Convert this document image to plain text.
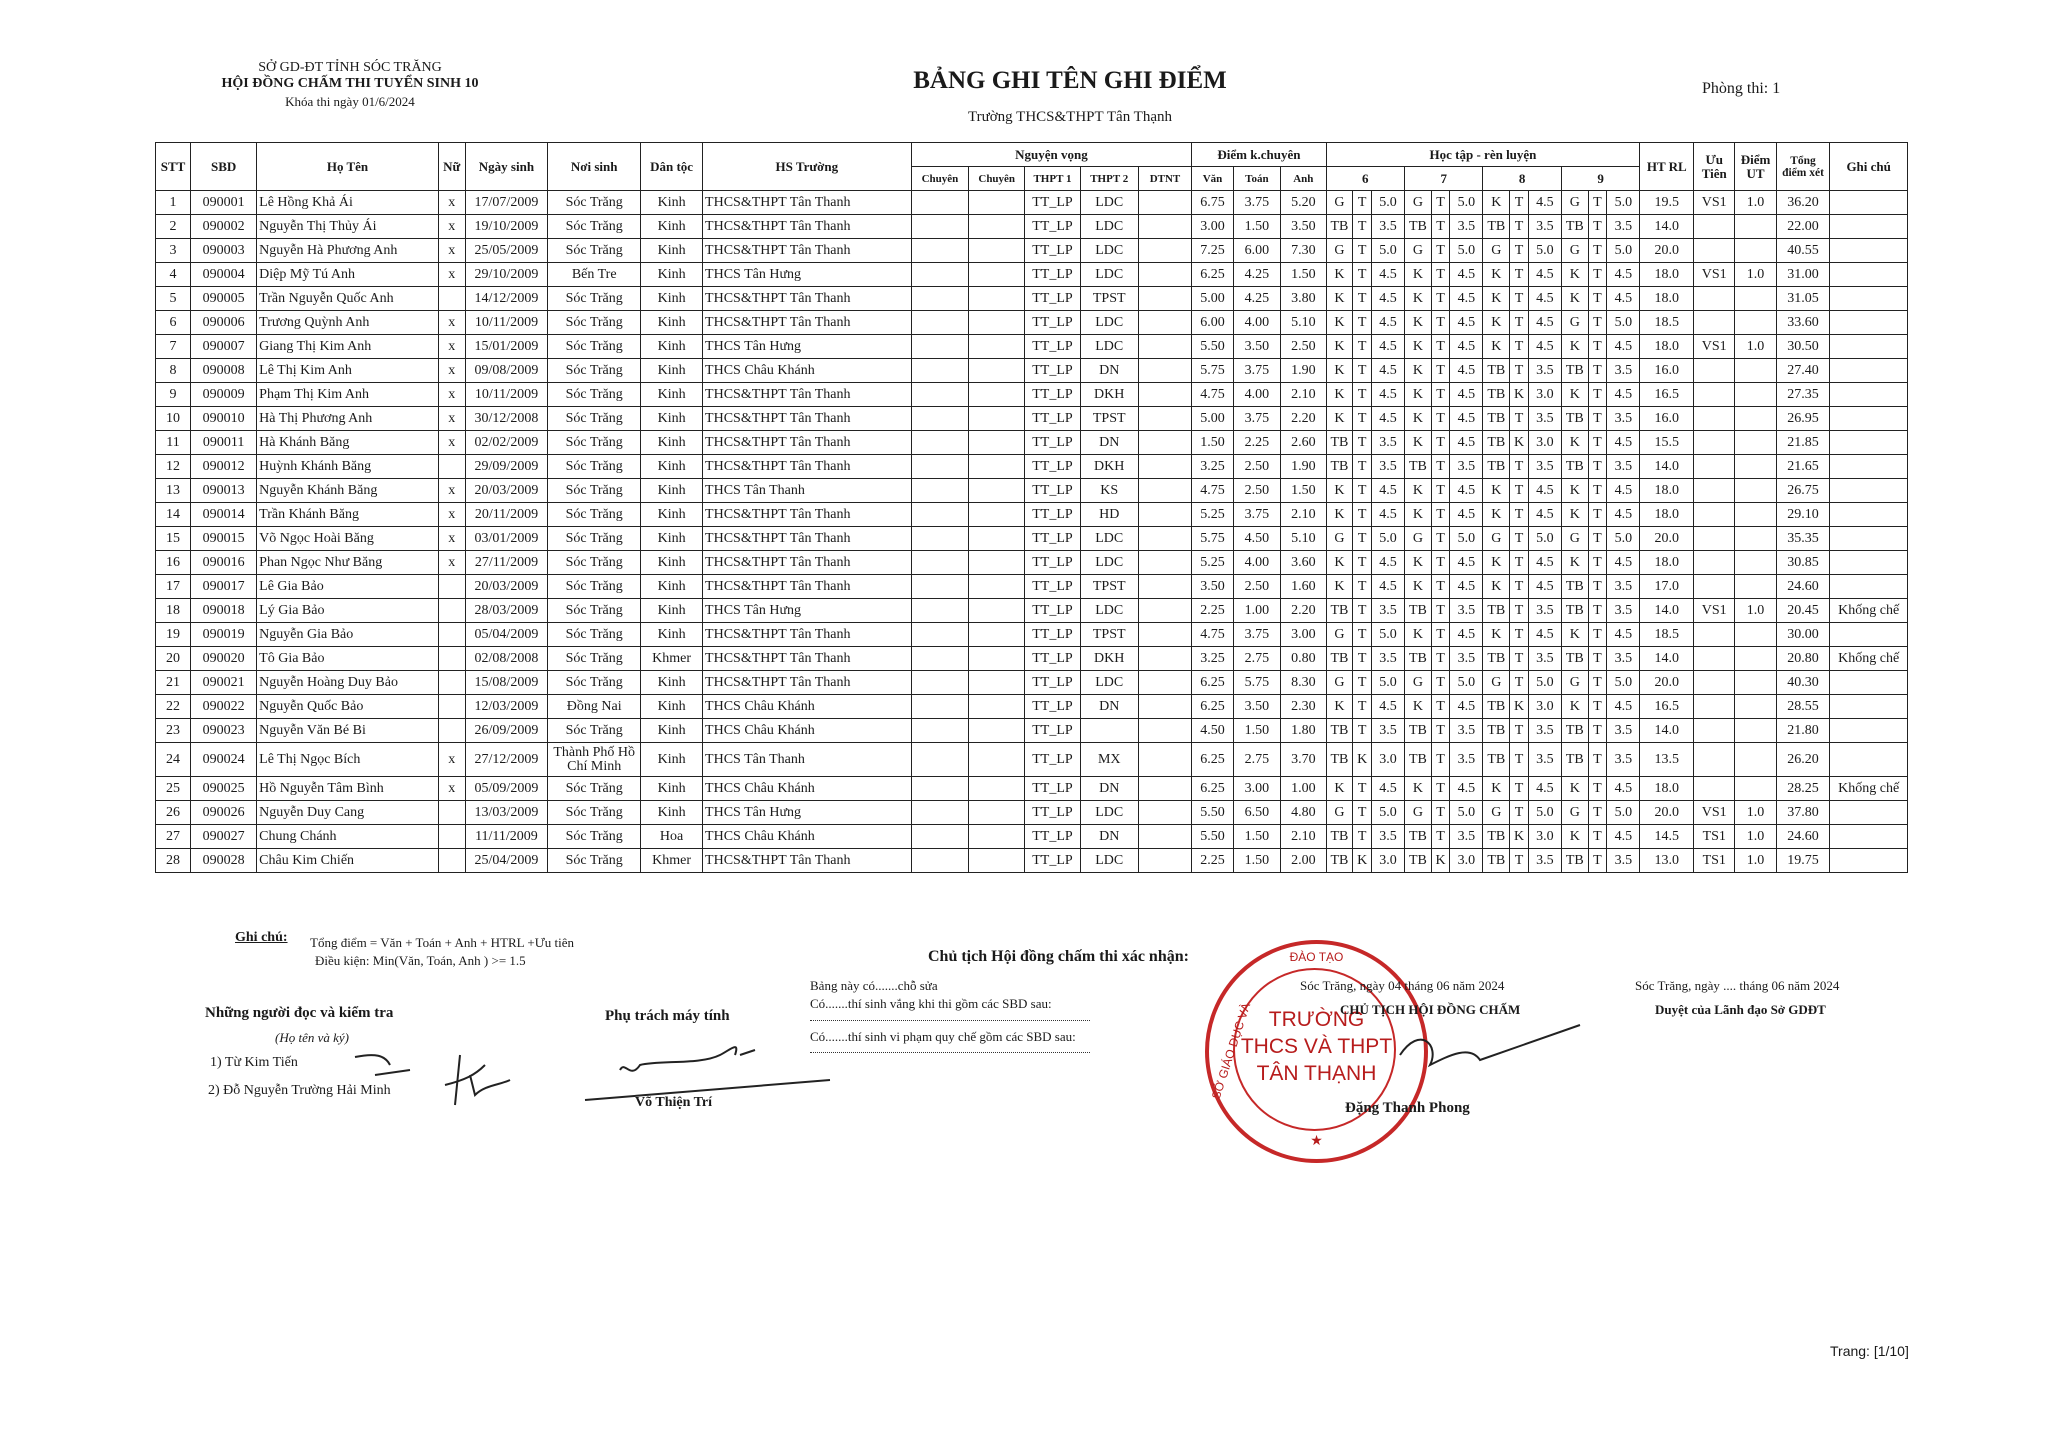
SỞ GD-ĐT TỈNH SÓC TRĂNG
HỘI ĐỒNG CHẤM THI TUYỂN SINH 10
Khóa thi ngày 01/6/2024
BẢNG GHI TÊN GHI ĐIỂM
Trường THCS&THPT Tân Thạnh
Phòng thi: 1
STT	SBD	Họ Tên	Nữ	Ngày sinh	Nơi sinh	Dân tộc	HS Trường	Nguyện vọng					Điểm k.chuyên			Học tập - rèn luyện												HT RL	Ưu Tiên	Điểm UT	Tổng điểm xét	Ghi chú
								Chuyên	Chuyên	THPT 1	THPT 2	DTNT	Văn	Toán	Anh	6			7			8			9							
1	090001	Lê Hồng Khả Ái	x	17/07/2009	Sóc Trăng	Kinh	THCS&THPT Tân Thanh			TT_LP	LDC		6.75	3.75	5.20	G	T	5.0	G	T	5.0	K	T	4.5	G	T	5.0	19.5	VS1	1.0	36.20	
2	090002	Nguyễn Thị Thủy Ái	x	19/10/2009	Sóc Trăng	Kinh	THCS&THPT Tân Thanh			TT_LP	LDC		3.00	1.50	3.50	TB	T	3.5	TB	T	3.5	TB	T	3.5	TB	T	3.5	14.0			22.00	
3	090003	Nguyễn Hà Phương Anh	x	25/05/2009	Sóc Trăng	Kinh	THCS&THPT Tân Thanh			TT_LP	LDC		7.25	6.00	7.30	G	T	5.0	G	T	5.0	G	T	5.0	G	T	5.0	20.0			40.55	
4	090004	Diệp Mỹ Tú Anh	x	29/10/2009	Bến Tre	Kinh	THCS Tân Hưng			TT_LP	LDC		6.25	4.25	1.50	K	T	4.5	K	T	4.5	K	T	4.5	K	T	4.5	18.0	VS1	1.0	31.00	
5	090005	Trần Nguyễn Quốc Anh		14/12/2009	Sóc Trăng	Kinh	THCS&THPT Tân Thanh			TT_LP	TPST		5.00	4.25	3.80	K	T	4.5	K	T	4.5	K	T	4.5	K	T	4.5	18.0			31.05	
6	090006	Trương Quỳnh Anh	x	10/11/2009	Sóc Trăng	Kinh	THCS&THPT Tân Thanh			TT_LP	LDC		6.00	4.00	5.10	K	T	4.5	K	T	4.5	K	T	4.5	G	T	5.0	18.5			33.60	
7	090007	Giang Thị Kim Anh	x	15/01/2009	Sóc Trăng	Kinh	THCS Tân Hưng			TT_LP	LDC		5.50	3.50	2.50	K	T	4.5	K	T	4.5	K	T	4.5	K	T	4.5	18.0	VS1	1.0	30.50	
8	090008	Lê Thị Kim Anh	x	09/08/2009	Sóc Trăng	Kinh	THCS Châu Khánh			TT_LP	DN		5.75	3.75	1.90	K	T	4.5	K	T	4.5	TB	T	3.5	TB	T	3.5	16.0			27.40	
9	090009	Phạm Thị Kim Anh	x	10/11/2009	Sóc Trăng	Kinh	THCS&THPT Tân Thanh			TT_LP	DKH		4.75	4.00	2.10	K	T	4.5	K	T	4.5	TB	K	3.0	K	T	4.5	16.5			27.35	
10	090010	Hà Thị Phương Anh	x	30/12/2008	Sóc Trăng	Kinh	THCS&THPT Tân Thanh			TT_LP	TPST		5.00	3.75	2.20	K	T	4.5	K	T	4.5	TB	T	3.5	TB	T	3.5	16.0			26.95	
11	090011	Hà Khánh Băng	x	02/02/2009	Sóc Trăng	Kinh	THCS&THPT Tân Thanh			TT_LP	DN		1.50	2.25	2.60	TB	T	3.5	K	T	4.5	TB	K	3.0	K	T	4.5	15.5			21.85	
12	090012	Huỳnh Khánh Băng		29/09/2009	Sóc Trăng	Kinh	THCS&THPT Tân Thanh			TT_LP	DKH		3.25	2.50	1.90	TB	T	3.5	TB	T	3.5	TB	T	3.5	TB	T	3.5	14.0			21.65	
13	090013	Nguyễn Khánh Băng	x	20/03/2009	Sóc Trăng	Kinh	THCS Tân Thanh			TT_LP	KS		4.75	2.50	1.50	K	T	4.5	K	T	4.5	K	T	4.5	K	T	4.5	18.0			26.75	
14	090014	Trần Khánh Băng	x	20/11/2009	Sóc Trăng	Kinh	THCS&THPT Tân Thanh			TT_LP	HD		5.25	3.75	2.10	K	T	4.5	K	T	4.5	K	T	4.5	K	T	4.5	18.0			29.10	
15	090015	Võ Ngọc Hoài Băng	x	03/01/2009	Sóc Trăng	Kinh	THCS&THPT Tân Thanh			TT_LP	LDC		5.75	4.50	5.10	G	T	5.0	G	T	5.0	G	T	5.0	G	T	5.0	20.0			35.35	
16	090016	Phan Ngọc Như Băng	x	27/11/2009	Sóc Trăng	Kinh	THCS&THPT Tân Thanh			TT_LP	LDC		5.25	4.00	3.60	K	T	4.5	K	T	4.5	K	T	4.5	K	T	4.5	18.0			30.85	
17	090017	Lê Gia Bảo		20/03/2009	Sóc Trăng	Kinh	THCS&THPT Tân Thanh			TT_LP	TPST		3.50	2.50	1.60	K	T	4.5	K	T	4.5	K	T	4.5	TB	T	3.5	17.0			24.60	
18	090018	Lý Gia Bảo		28/03/2009	Sóc Trăng	Kinh	THCS Tân Hưng			TT_LP	LDC		2.25	1.00	2.20	TB	T	3.5	TB	T	3.5	TB	T	3.5	TB	T	3.5	14.0	VS1	1.0	20.45	Khống chế
19	090019	Nguyễn Gia Bảo		05/04/2009	Sóc Trăng	Kinh	THCS&THPT Tân Thanh			TT_LP	TPST		4.75	3.75	3.00	G	T	5.0	K	T	4.5	K	T	4.5	K	T	4.5	18.5			30.00	
20	090020	Tô Gia Bảo		02/08/2008	Sóc Trăng	Khmer	THCS&THPT Tân Thanh			TT_LP	DKH		3.25	2.75	0.80	TB	T	3.5	TB	T	3.5	TB	T	3.5	TB	T	3.5	14.0			20.80	Khống chế
21	090021	Nguyễn Hoàng Duy Bảo		15/08/2009	Sóc Trăng	Kinh	THCS&THPT Tân Thanh			TT_LP	LDC		6.25	5.75	8.30	G	T	5.0	G	T	5.0	G	T	5.0	G	T	5.0	20.0			40.30	
22	090022	Nguyễn Quốc Bảo		12/03/2009	Đồng Nai	Kinh	THCS Châu Khánh			TT_LP	DN		6.25	3.50	2.30	K	T	4.5	K	T	4.5	TB	K	3.0	K	T	4.5	16.5			28.55	
23	090023	Nguyễn Văn Bé Bi		26/09/2009	Sóc Trăng	Kinh	THCS Châu Khánh			TT_LP			4.50	1.50	1.80	TB	T	3.5	TB	T	3.5	TB	T	3.5	TB	T	3.5	14.0			21.80	
24	090024	Lê Thị Ngọc Bích	x	27/12/2009	Thành Phố Hồ Chí Minh	Kinh	THCS Tân Thanh			TT_LP	MX		6.25	2.75	3.70	TB	K	3.0	TB	T	3.5	TB	T	3.5	TB	T	3.5	13.5			26.20	
25	090025	Hồ Nguyễn Tâm Bình	x	05/09/2009	Sóc Trăng	Kinh	THCS Châu Khánh			TT_LP	DN		6.25	3.00	1.00	K	T	4.5	K	T	4.5	K	T	4.5	K	T	4.5	18.0			28.25	Khống chế
26	090026	Nguyễn Duy Cang		13/03/2009	Sóc Trăng	Kinh	THCS Tân Hưng			TT_LP	LDC		5.50	6.50	4.80	G	T	5.0	G	T	5.0	G	T	5.0	G	T	5.0	20.0	VS1	1.0	37.80	
27	090027	Chung Chánh		11/11/2009	Sóc Trăng	Hoa	THCS Châu Khánh			TT_LP	DN		5.50	1.50	2.10	TB	T	3.5	TB	T	3.5	TB	K	3.0	K	T	4.5	14.5	TS1	1.0	24.60	
28	090028	Châu Kim Chiến		25/04/2009	Sóc Trăng	Khmer	THCS&THPT Tân Thanh			TT_LP	LDC		2.25	1.50	2.00	TB	K	3.0	TB	K	3.0	TB	T	3.5	TB	T	3.5	13.0	TS1	1.0	19.75	
Ghi chú: Tổng điểm = Văn + Toán + Anh + HTRL +Ưu tiên
Điều kiện: Min(Văn, Toán, Anh ) >= 1.5	Chủ tịch Hội đồng chấm thi xác nhận:
Bảng này có.......chỗ sửa
Có.......thí sinh vắng khi thi gồm các SBD sau:
Có.......thí sinh vi phạm quy chế gồm các SBD sau:
Những người đọc và kiểm tra
(Họ tên và ký)
1) Từ Kim Tiến
2) Đỗ Nguyễn Trường Hải Minh
Phụ trách máy tính
Võ Thiện Trí
ĐÀO TẠO
SỞ GIÁO DỤC VÀ TRƯỜNG
THCS VÀ THPT
TÂN THẠNH
★
Sóc Trăng, ngày 04 tháng 06 năm 2024
CHỦ TỊCH HỘI ĐỒNG CHẤM
Đặng Thanh Phong
Sóc Trăng, ngày .... tháng 06 năm 2024
Duyệt của Lãnh đạo Sở GDĐT
Trang: [1/10]
